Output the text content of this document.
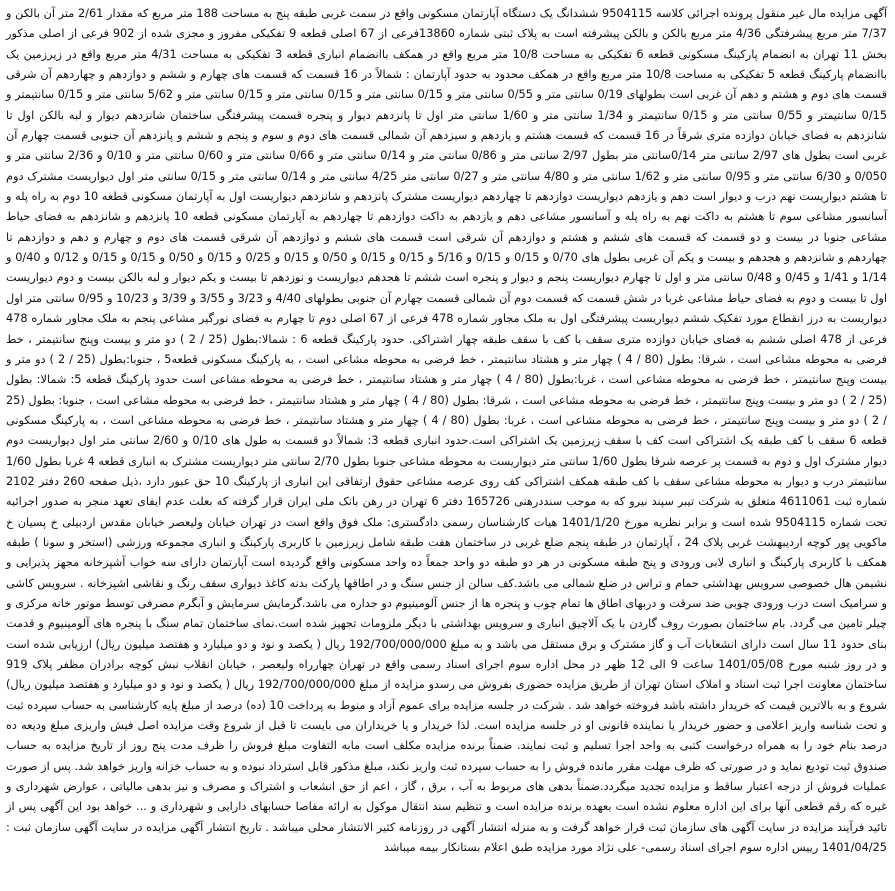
آگهی مزایده مال غیر منقول پرونده اجرائی کلاسه 9504115 ششدانگ یک دستگاه آپارتمان مسکونی واقع در سمت غربی طبقه پنج به مساحت 188 متر مربع که مقدار 2/61 متر آن بالکن و 7/37 متر مربع پیشرفتگی 4/36 متر مربع بالکن و بالکن پیشرفته است به پلاک ثبتی شماره 13860فرعی از 67 اصلی قطعه 9 تفکیکی مفروز و مجزی شده از 902 فرعی از اصلی مذکور بخش 11 تهران به انضمام پارکینگ مسکونی قطعه 6 تفکیکی به مساحت 10/8 متر مربع واقع در همکف باانضمام انباری قطعه 3 تفکیکی به مساحت 4/31 متر مربع واقع در زیرزمین یک باانضمام پارکینگ قطعه 5 تفکیکی به مساحت 10/8 متر مربع واقع در همکف محدود به حدود آپارتمان : شمالاً در 16 قسمت که قسمت های چهارم و ششم و دوازدهم و چهاردهم آن شرقی قسمت های دوم و هشتم و دهم آن غربی است بطولهای 0/19 سانتی متر و 0/55 سانتی متر و 0/15 سانتی متر و 0/15 سانتی متر و 0/15 سانتی متر و 5/62 سانتی متر و 0/15 سانتیمتر و 0/15 سانتیمتر و 0/55 سانتی متر و 0/15 سانتیمتر و 1/34 سانتی متر و 1/60 سانتی متر اول تا پانزدهم دیوار و پنجره قسمت پیشرفتگی ساختمان شانزدهم دیوار و لبه بالکن اول تا شانزدهم به فضای خیابان دوازده متری شرقاً در 16 قسمت که قسمت هشتم و یازدهم و سیزدهم آن شمالی قسمت های دوم و سوم و پنجم و ششم و پانزدهم آن جنوبی قسمت چهارم آن غربی است بطول های 2/97 سانتی متر 0/14سانتی متر بطول 2/97 سانتی متر و 0/86 سانتی متر و 0/14 سانتی متر و 0/66 سانتی متر و 0/60 سانتی متر و 0/10 و 2/36 سانتی متر و 0/050 و 6/30 سانتی متر و 0/95 سانتی متر و 1/62 سانتی متر و 4/80 سانتی متر و 0/27 سانتی متر 4/25 سانتی متر و 0/14 سانتی متر و 0/15 سانتی متر اول دیواریست مشترک دوم تا هشتم دیواریست نهم درب و دیوار است دهم و یازدهم دیواریست دوازدهم تا چهاردهم دیواریست مشترک پانزدهم و شانزدهم دیواریست اول به آپارتمان مسکونی قطعه 10 دوم به راه پله و آسانسور مشاعی سوم تا هشتم به داکت نهم به راه پله و آسانسور مشاعی دهم و یازدهم به داکت دوازدهم تا چهاردهم به آپارتمان مسکونی قطعه 10 پانزدهم و شانزدهم به فضای حیاط مشاعی جنوبا در بیست و دو قسمت که قسمت های ششم و هشتم و دوازدهم آن شرقی است قسمت های ششم و دوازدهم آن شرقی قسمت های دوم و چهارم و دهم و دوازدهم تا چهاردهم و شانزدهم و هجدهم و بیست و یکم آن غربی بطول های 0/70 و 0/15 و 0/15 و 5/16 و 0/15 و 0/15 و 0/50 و 0/15 و 0/25 و 0/15 و 0/50 و 0/15 و 0/15 و 0/12 و 0/40 و 1/14 و 1/41 و 0/45 و 0/48 سانتی متر و اول تا چهارم دیواریست پنجم و دیوار و پنجره است ششم تا هجدهم دیواریست و نوزدهم تا بیست و یکم دیوار و لبه بالکن بیست و دوم دیواریست اول تا بیست و دوم به فضای حیاط مشاعی غربا در شش قسمت که قسمت دوم آن شمالی قسمت چهارم آن جنوبی بطولهای 4/40 و 3/23 و 3/55 و 3/39 و 10/23 و 0/95 سانتی متر اول دیواریست به درز انقطاع مورد تفکیک ششم دیواریست پیشرفتگی اول به ملک مجاور شماره 478 فرعی از 67 اصلی دوم تا چهارم به فضای نورگیر مشاعی پنجم به ملک مجاور شماره 478 فرعی از 478 اصلی ششم به فضای خیابان دوازده متری سقف با کف با سقف طبقه چهار اشتراکی. حدود پارکینگ قطعه 6 : شمالا:بطول (25 / 2 ) دو متر و بیست وپنج سانتیمتر ، خط فرضی به محوطه مشاعی است ، شرقا: بطول (80 / 4 ) چهار متر و هشتاد سانتیمتر ، خط فرضی به محوطه مشاعی است ، به پارکینگ مسکونی قطعه5 ، جنوبا:بطول (25 / 2 ) دو متر و بیست وپنج سانتیمتر ، خط فرضی به محوطه مشاعی است ، غربا:بطول (80 / 4 ) چهار متر و هشتاد سانتیمتر ، خط فرضی به محوطه مشاعی است حدود پارکینگ قطعه 5: شمالا: بطول (25 / 2 ) دو متر و بیست وپنج سانتیمتر ، خط فرضی به محوطه مشاعی است ، شرقا: بطول (80 / 4 ) چهار متر و هشتاد سانتیمتر ، خط فرضی به محوطه مشاعی است ، جنوبا: بطول (25 / 2 ) دو متر و بیست وپنج سانتیمتر ، خط فرضی به محوطه مشاعی است ، غربا: بطول (80 / 4 ) چهار متر و هشتاد سانتیمتر ، خط فرضی به محوطه مشاعی است ، به پارکینگ مسکونی قطعه 6 سقف با کف طبقه یک اشتراکی است کف با سقف زیرزمین یک اشتراکی است.حدود انباری قطعه 3: شمالاً دو قسمت به طول های 0/10 و 2/60 سانتی متر اول دیواریست دوم دیوار مشترک اول و دوم به قسمت پر عرصه شرقا بطول 1/60 سانتی متر دیواریست به محوطه مشاعی جنوبا بطول 2/70 سانتی متر دیواریست مشترک به انباری قطعه 4 غربا بطول 1/60 سانتیمتر درب و دیوار به محوطه مشاعی سقف با کف طبقه همکف اشتراکی کف روی عرصه مشاعی حقوق ارتفاقی این انباری از پارکینگ 10 حق عبور دارد ،ذیل صفحه 260 دفتر 2102 شماره ثبت 4611061 متعلق به شرکت تیبر سپند نیرو که به موجب سنددرهنی 165726 دفتر 6 تهران در رهن بانک ملی ایران قرار گرفته که بعلت عدم ایفای تعهد منجر به صدور اجرائیه تحت شماره 9504115 شده است و برابر نظریه مورخ 1401/1/20 هیات کارشناسان رسمی دادگستری: ملک فوق واقع است در تهران خیابان ولیعصر خیابان مقدس اردبیلی خ پسیان خ ماکویی پور کوچه اردیبهشت غربی پلاک 24 ، آپارتمان در طبقه پنجم ضلع غربی در ساختمان هفت طبقه شامل زیرزمین با کاربری پارکینگ و انباری مجموعه ورزشی (استخر و سونا ) طبقه همکف با کاربری پارکینگ و انباری لابی ورودی و پنج طبقه مسکونی در هر دو طبقه دو واحد جمعاً ده واحد مسکونی واقع گردیده است آپارتمان دارای سه خواب آشپزخانه مجهز پذیرایی و نشیمن هال خصوصی سرویس بهداشتی حمام و تراس در ضلع شمالی می باشد.کف سالن از جنس سنگ و در اطاقها پارکت بدنه کاغذ دیواری سقف رنگ و نقاشی اشپزخانه . سرویس کاشی و سرامیک است درب ورودی چوبی ضد سرقت و دربهای اطاق ها تمام چوب و پنجره ها از جنس آلومینیوم دو جداره می باشد.گرمایش سرمایش و آبگرم مصرفی توسط موتور خانه مرکزی و چیلر تامین می گردد. بام ساختمان بصورت روف گاردن با یک آلاچیق انباری و سرویس بهداشتی با دیگر ملزومات تجهیز شده است.نمای ساختمان تمام سنگ با پنجره های آلومینیوم و قدمت بنای حدود 11 سال است دارای انشعابات آب و گاز مشترک و برق مستقل می باشد و به مبلغ 192/700/000/000 ریال ( یکصد و نود و دو میلیارد و هفتصد میلیون ریال) ارزیابی شده است و در روز شنبه مورخ 1401/05/08 ساعت 9 الی 12 ظهر در محل اداره سوم اجرای اسناد رسمی واقع در تهران چهارراه ولیعصر ، خیابان انقلاب نبش کوچه برادران مظفر پلاک 919 ساختمان معاونت اجرا ثبت اسناد و املاک استان تهران از طریق مزایده حضوری بفروش می رسدو مزایده از مبلغ 192/700/000/000 ریال ( یکصد و نود و دو میلیارد و هفتصد میلیون ریال) شروع و به بالاترین قیمت که خریدار داشته باشد فروخته خواهد شد . شرکت در جلسه مزایده برای عموم آزاد و منوط به پرداخت 10 (ده) درصد از مبلغ پایه کارشناسی به حساب سپرده ثبت و تحت شناسه واریز اعلامی و حضور خریدار یا نماینده قانونی او در جلسه مزایده است. لذا خریدار و یا خریداران می بایست تا قبل از شروع وقت مزایده اصل فیش واریزی مبلغ ودیعه ده درصد بنام خود را به همراه درخواست کتبی به واحد اجرا تسلیم و ثبت نمایند. ضمناً برنده مزایده مکلف است مابه التفاوت مبلغ فروش را ظرف مدت پنج روز از تاریخ مزایده به حساب صندوق ثبت تودیع نماید و در صورتی که ظرف مهلت مقرر مانده فروش را به حساب سپرده ثبت واریز نکند، مبلغ مذکور قابل استرداد نبوده و به حساب خزانه واریز خواهد شد. پس از صورت عملیات فروش از درجه اعتبار ساقط و مزایده تجدید میگردد.ضمناً بدهی های مربوط به آب ، برق ، گاز ، اعم از حق انشعاب و اشتراک و مصرف و نیز بدهی مالیاتی ، عوارض شهرداری و غیره که رقم قطعی آنها برای این اداره معلوم نشده است بعهده برنده مزایده است و تنظیم سند انتقال موکول به ارائه مفاصا حسابهای دارایی و شهرداری و ... خواهد بود این آگهی پس از تائید فرآیند مزایده در سایت آگهی های سازمان ثبت قرار خواهد گرفت و به منزله انتشار آگهی در روزنامه کثیر الانتشار محلی میباشد . تاریخ انتشار آگهی مزایده در سایت آگهی سازمان ثبت : 1401/04/25 رییس اداره سوم اجرای اسناد رسمی- علی نژاد مورد مزایده طبق اعلام بستانکار بیمه میباشد
